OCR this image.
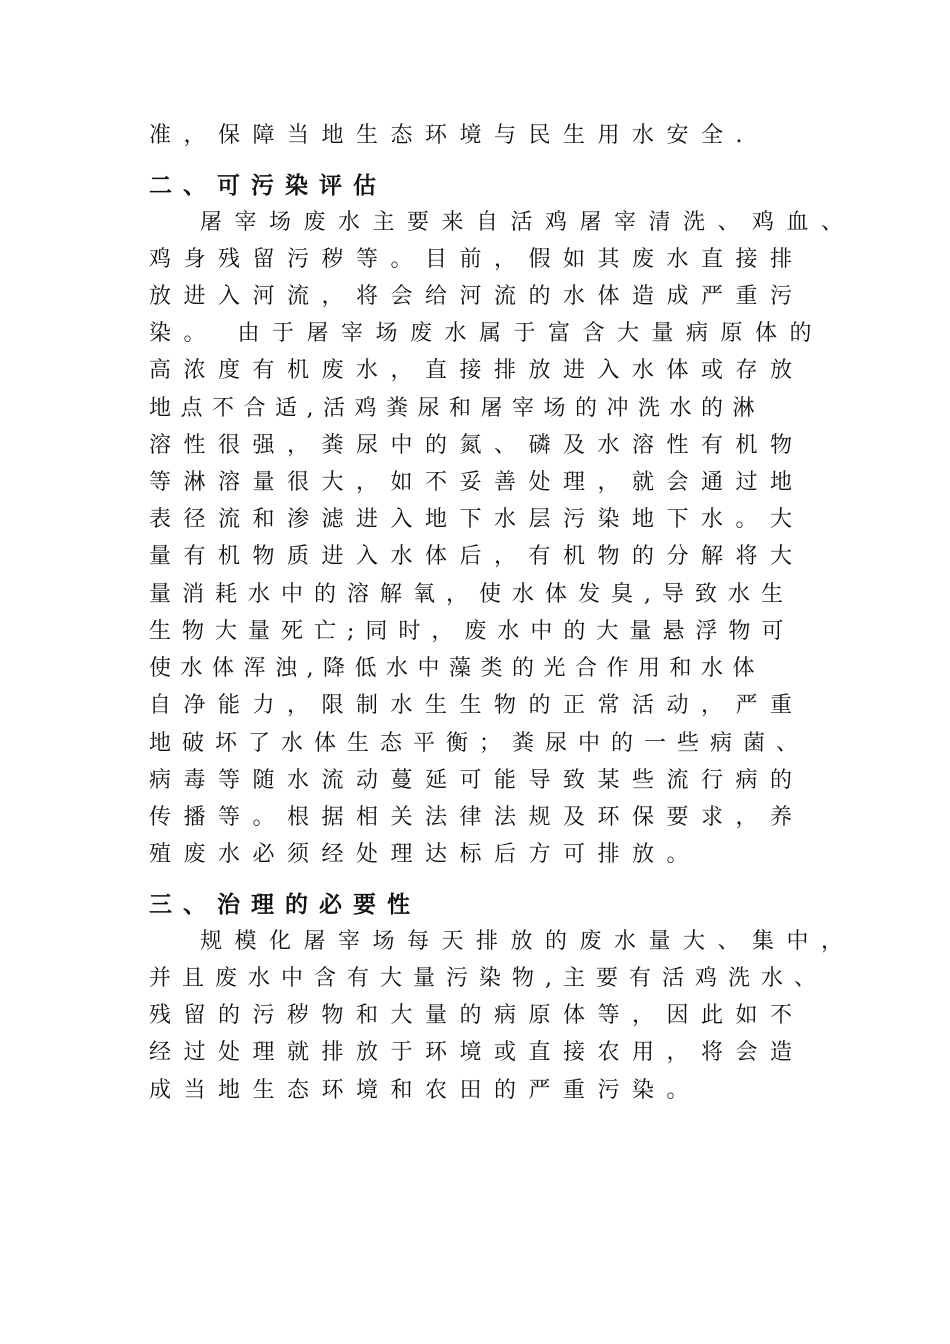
准，保障当地生态环境与民生用水安全.
二、可污染评估
屠宰场废水主要来自活鸡屠宰清洗、鸡血、
鸡身残留污秽等。目前，假如其废水直接排
放进入河流，将会给河流的水体造成严重污
染。 由于屠宰场废水属于富含大量病原体的
高浓度有机废水，直接排放进入水体或存放
地点不合适,活鸡粪尿和屠宰场的冲洗水的淋
溶性很强，粪尿中的氮、磷及水溶性有机物
等淋溶量很大，如不妥善处理，就会通过地
表径流和渗滤进入地下水层污染地下水。大
量有机物质进入水体后，有机物的分解将大
量消耗水中的溶解氧，使水体发臭,导致水生
生物大量死亡;同时，废水中的大量悬浮物可
使水体浑浊,降低水中藻类的光合作用和水体
自净能力，限制水生生物的正常活动，严重
地破坏了水体生态平衡；粪尿中的一些病菌、
病毒等随水流动蔓延可能导致某些流行病的
传播等。根据相关法律法规及环保要求，养
殖废水必须经处理达标后方可排放。
三、治理的必要性
规模化屠宰场每天排放的废水量大、集中，
并且废水中含有大量污染物,主要有活鸡洗水、
残留的污秽物和大量的病原体等，因此如不
经过处理就排放于环境或直接农用，将会造
成当地生态环境和农田的严重污染。
